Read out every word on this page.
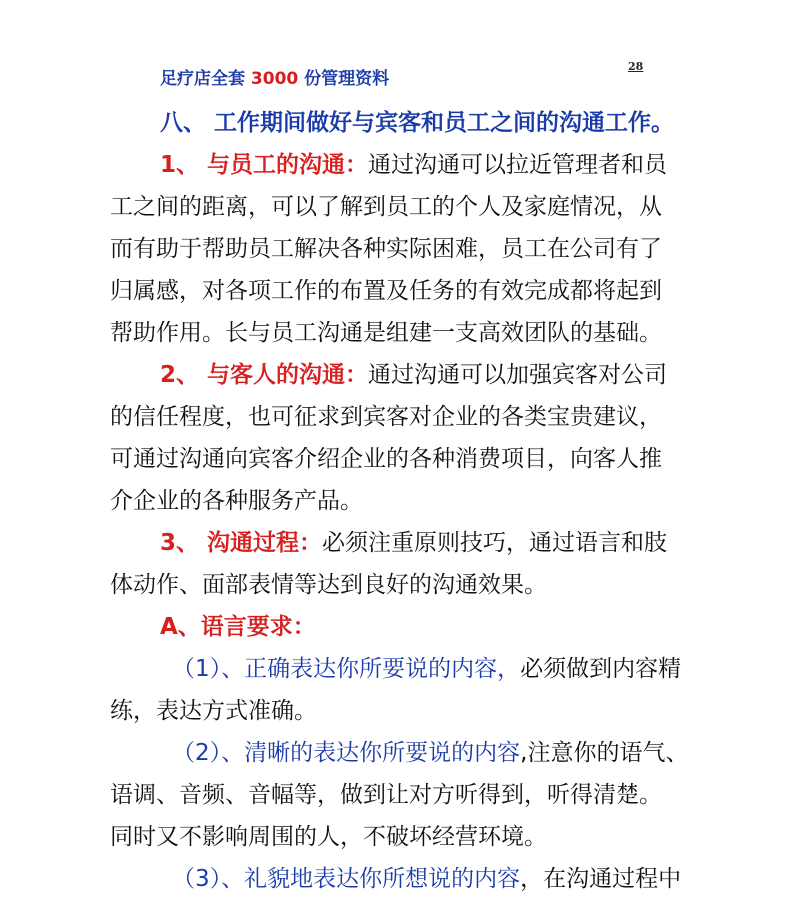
足疗店全套 3000 份管理资料
28
八、 工作期间做好与宾客和员工之间的沟通工作。
1、 与员工的沟通：通过沟通可以拉近管理者和员
工之间的距离，可以了解到员工的个人及家庭情况，从
而有助于帮助员工解决各种实际困难，员工在公司有了
归属感，对各项工作的布置及任务的有效完成都将起到
帮助作用。长与员工沟通是组建一支高效团队的基础。
2、 与客人的沟通：通过沟通可以加强宾客对公司
的信任程度，也可征求到宾客对企业的各类宝贵建议，
可通过沟通向宾客介绍企业的各种消费项目，向客人推
介企业的各种服务产品。
3、 沟通过程：必须注重原则技巧，通过语言和肢
体动作、面部表情等达到良好的沟通效果。
A、语言要求：
（1）、正确表达你所要说的内容，必须做到内容精
练，表达方式准确。
（2）、清晰的表达你所要说的内容,注意你的语气、
语调、音频、音幅等，做到让对方听得到，听得清楚。
同时又不影响周围的人，不破坏经营环境。
（3）、礼貌地表达你所想说的内容，在沟通过程中
